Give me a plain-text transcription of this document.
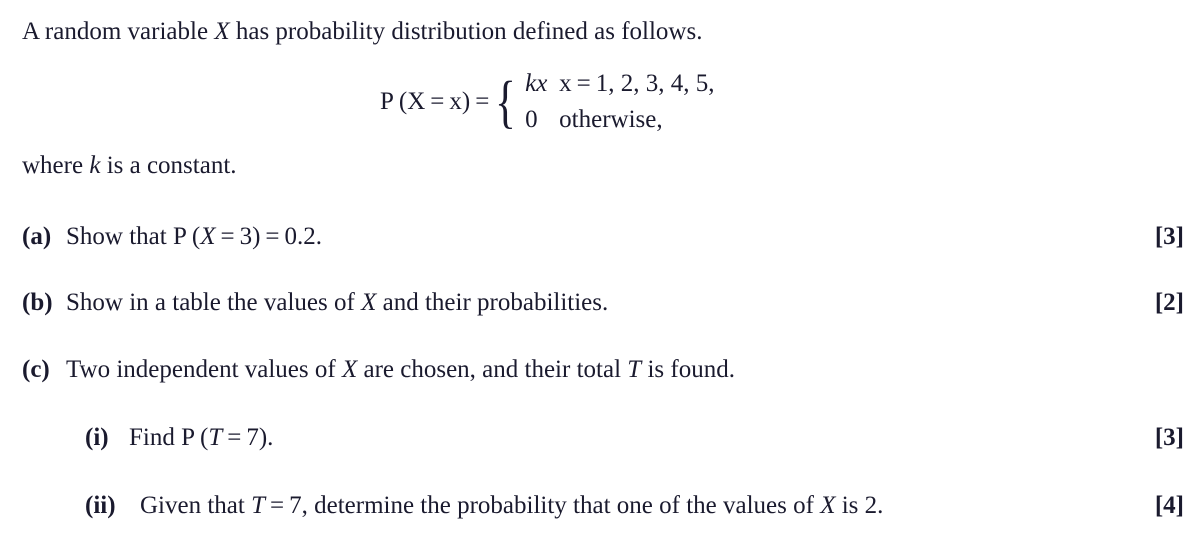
A random variable X has probability distribution defined as follows.
P (X = x) = { kx x = 1, 2, 3, 4, 5,
0 otherwise,
where k is a constant.
(a) Show that P (X = 3) = 0.2.	[3]
(b) Show in a table the values of X and their probabilities.	[2]
(c) Two independent values of X are chosen, and their total T is found.
(i) Find P (T = 7).	[3]
(ii) Given that T = 7, determine the probability that one of the values of X is 2.	[4]
